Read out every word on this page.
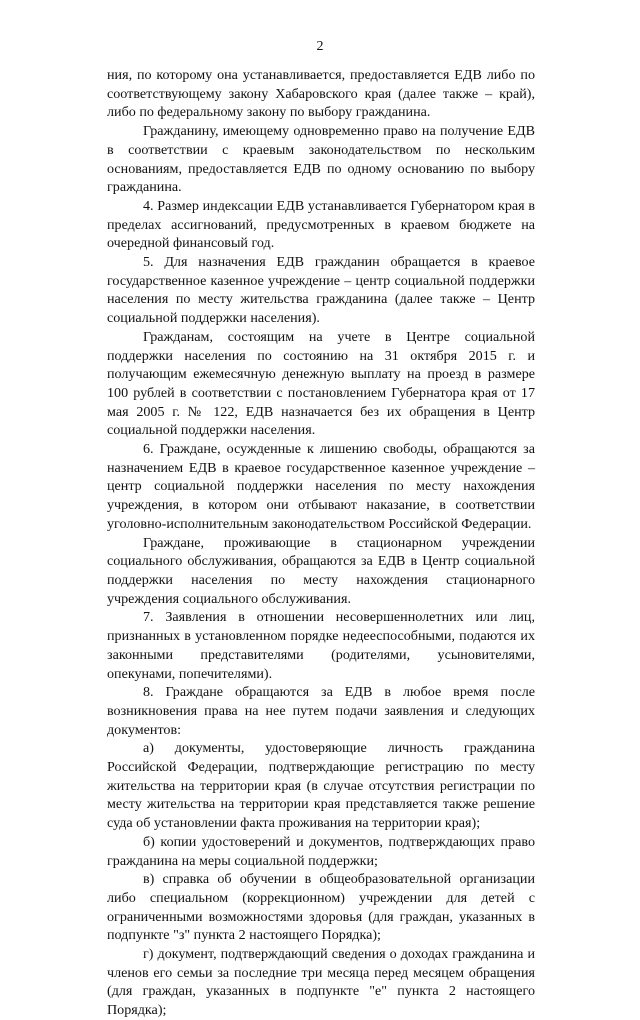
2

ния, по которому она устанавливается, предоставляется ЕДВ либо по соответствующему закону Хабаровского края (далее также – край), либо по федеральному закону по выбору гражданина.

Гражданину, имеющему одновременно право на получение ЕДВ в соответствии с краевым законодательством по нескольким основаниям, предоставляется ЕДВ по одному основанию по выбору гражданина.

4. Размер индексации ЕДВ устанавливается Губернатором края в пределах ассигнований, предусмотренных в краевом бюджете на очередной финансовый год.

5. Для назначения ЕДВ гражданин обращается в краевое государственное казенное учреждение – центр социальной поддержки населения по месту жительства гражданина (далее также – Центр социальной поддержки населения).

Гражданам, состоящим на учете в Центре социальной поддержки населения по состоянию на 31 октября 2015 г. и получающим ежемесячную денежную выплату на проезд в размере 100 рублей в соответствии с постановлением Губернатора края от 17 мая 2005 г. № 122, ЕДВ назначается без их обращения в Центр социальной поддержки населения.

6. Граждане, осужденные к лишению свободы, обращаются за назначением ЕДВ в краевое государственное казенное учреждение – центр социальной поддержки населения по месту нахождения учреждения, в котором они отбывают наказание, в соответствии уголовно-исполнительным законодательством Российской Федерации.

Граждане, проживающие в стационарном учреждении социального обслуживания, обращаются за ЕДВ в Центр социальной поддержки населения по месту нахождения стационарного учреждения социального обслуживания.

7. Заявления в отношении несовершеннолетних или лиц, признанных в установленном порядке недееспособными, подаются их законными представителями (родителями, усыновителями, опекунами, попечителями).

8. Граждане обращаются за ЕДВ в любое время после возникновения права на нее путем подачи заявления и следующих документов:

а) документы, удостоверяющие личность гражданина Российской Федерации, подтверждающие регистрацию по месту жительства на территории края (в случае отсутствия регистрации по месту жительства на территории края представляется также решение суда об установлении факта проживания на территории края);

б) копии удостоверений и документов, подтверждающих право гражданина на меры социальной поддержки;

в) справка об обучении в общеобразовательной организации либо специальном (коррекционном) учреждении для детей с ограниченными возможностями здоровья (для граждан, указанных в подпункте "з" пункта 2 настоящего Порядка);

г) документ, подтверждающий сведения о доходах гражданина и членов его семьи за последние три месяца перед месяцем обращения (для граждан, указанных в подпункте "е" пункта 2 настоящего Порядка);
